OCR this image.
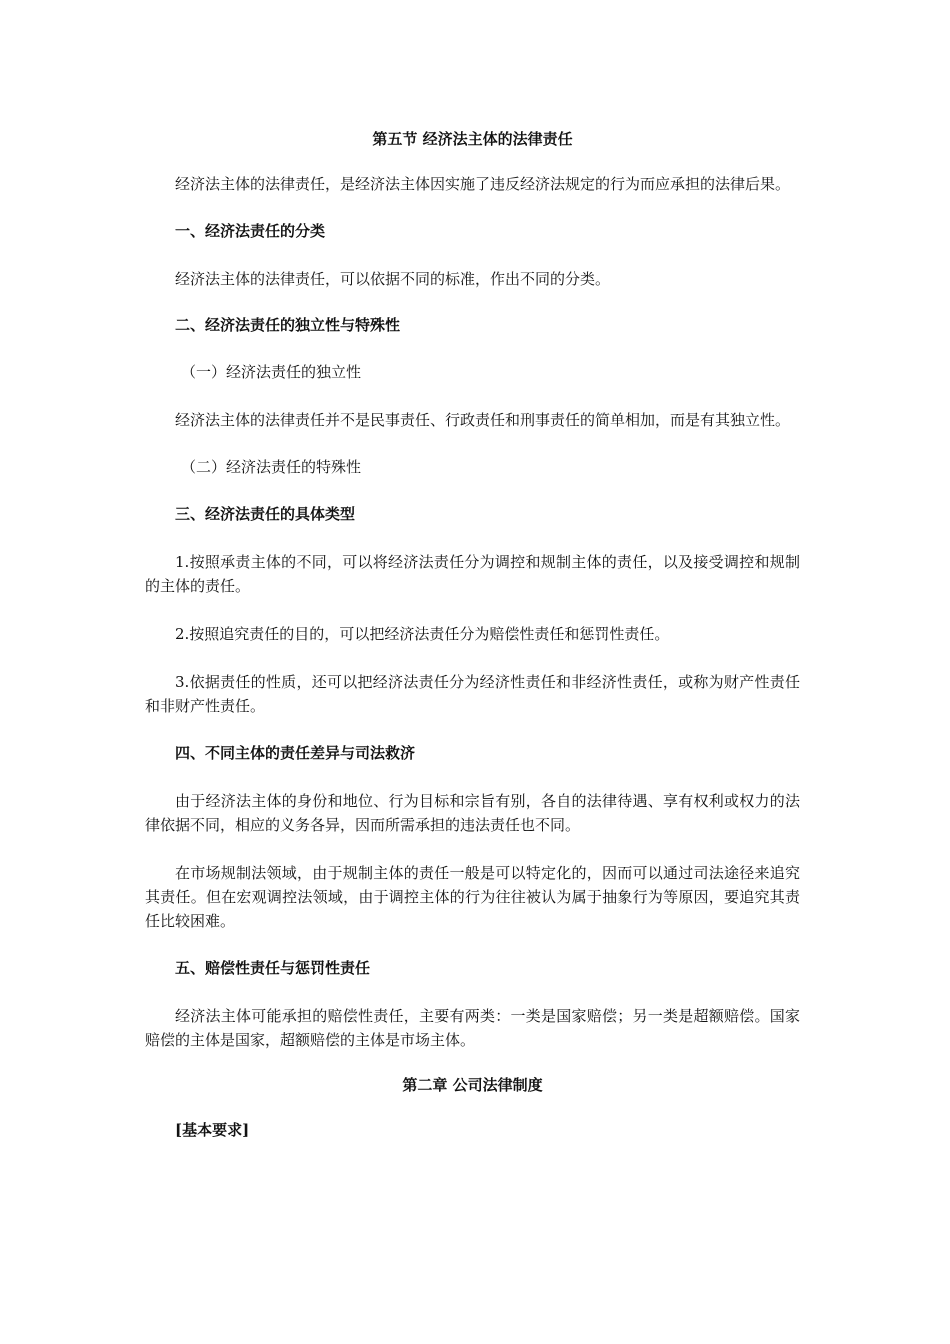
第五节 经济法主体的法律责任

经济法主体的法律责任，是经济法主体因实施了违反经济法规定的行为而应承担的法律后果。

一、经济法责任的分类

经济法主体的法律责任，可以依据不同的标准，作出不同的分类。

二、经济法责任的独立性与特殊性

（一）经济法责任的独立性

经济法主体的法律责任并不是民事责任、行政责任和刑事责任的简单相加，而是有其独立性。

（二）经济法责任的特殊性

三、经济法责任的具体类型

1.按照承责主体的不同，可以将经济法责任分为调控和规制主体的责任，以及接受调控和规制的主体的责任。

2.按照追究责任的目的，可以把经济法责任分为赔偿性责任和惩罚性责任。

3.依据责任的性质，还可以把经济法责任分为经济性责任和非经济性责任，或称为财产性责任和非财产性责任。

四、不同主体的责任差异与司法救济

由于经济法主体的身份和地位、行为目标和宗旨有别，各自的法律待遇、享有权利或权力的法律依据不同，相应的义务各异，因而所需承担的违法责任也不同。

在市场规制法领域，由于规制主体的责任一般是可以特定化的，因而可以通过司法途径来追究其责任。但在宏观调控法领域，由于调控主体的行为往往被认为属于抽象行为等原因，要追究其责任比较困难。

五、赔偿性责任与惩罚性责任

经济法主体可能承担的赔偿性责任，主要有两类：一类是国家赔偿；另一类是超额赔偿。国家赔偿的主体是国家，超额赔偿的主体是市场主体。

第二章 公司法律制度

[基本要求]
